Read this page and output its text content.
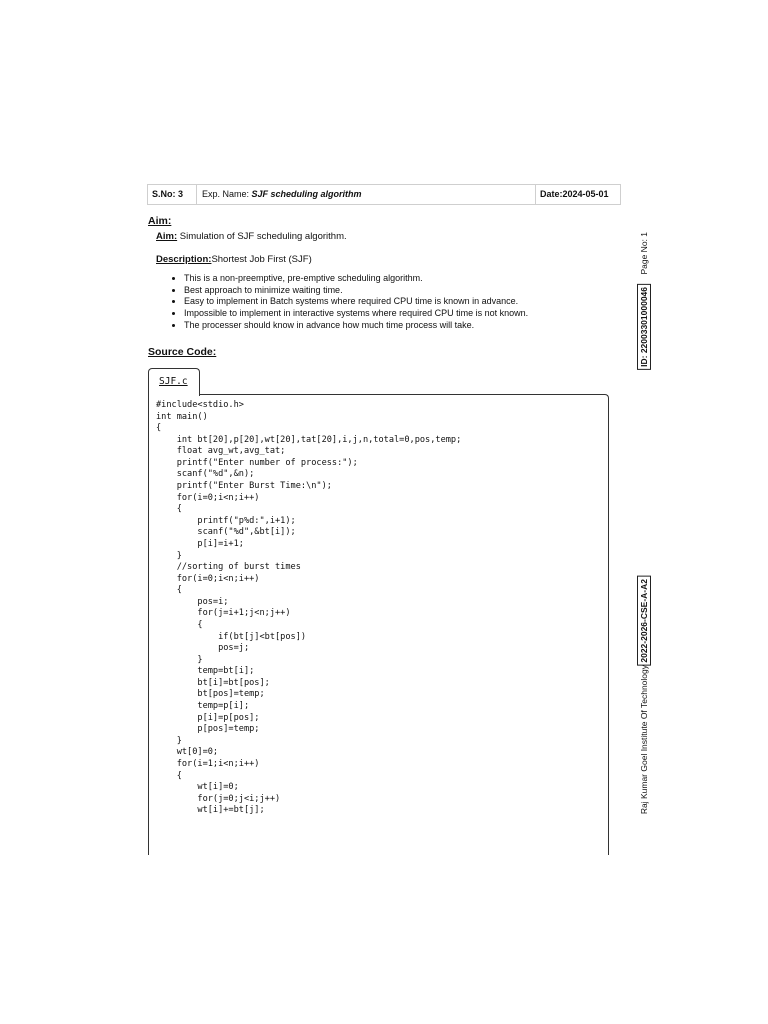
S.No: 3	Exp. Name: SJF scheduling algorithm	Date:2024-05-01
Aim:
Aim: Simulation of SJF scheduling algorithm.
Description:Shortest Job First (SJF)
• This is a non-preemptive, pre-emptive scheduling algorithm.
• Best approach to minimize waiting time.
• Easy to implement in Batch systems where required CPU time is known in advance.
• Impossible to implement in interactive systems where required CPU time is not known.
• The processer should know in advance how much time process will take.
Source Code:
SJF.c
#include<stdio.h>
int main()
{
int bt[20],p[20],wt[20],tat[20],i,j,n,total=0,pos,temp;
float avg_wt,avg_tat;
printf("Enter number of process:");
scanf("%d",&n);
printf("Enter Burst Time:\n");
for(i=0;i<n;i++)
{
printf("p%d:",i+1);
scanf("%d",&bt[i]);
p[i]=i+1;
}
//sorting of burst times
for(i=0;i<n;i++)
{
pos=i;
for(j=i+1;j<n;j++)
{
if(bt[j]<bt[pos])
pos=j;
}
temp=bt[i];
bt[i]=bt[pos];
bt[pos]=temp;
temp=p[i];
p[i]=p[pos];
p[pos]=temp;
}
wt[0]=0;
for(i=1;i<n;i++)
{
wt[i]=0;
for(j=0;j<i;j++)
wt[i]+=bt[j];
Page No: 1
ID: 22003301000046
2022-2026-CSE-A-A2
Raj Kumar Goel Institute Of Technology
